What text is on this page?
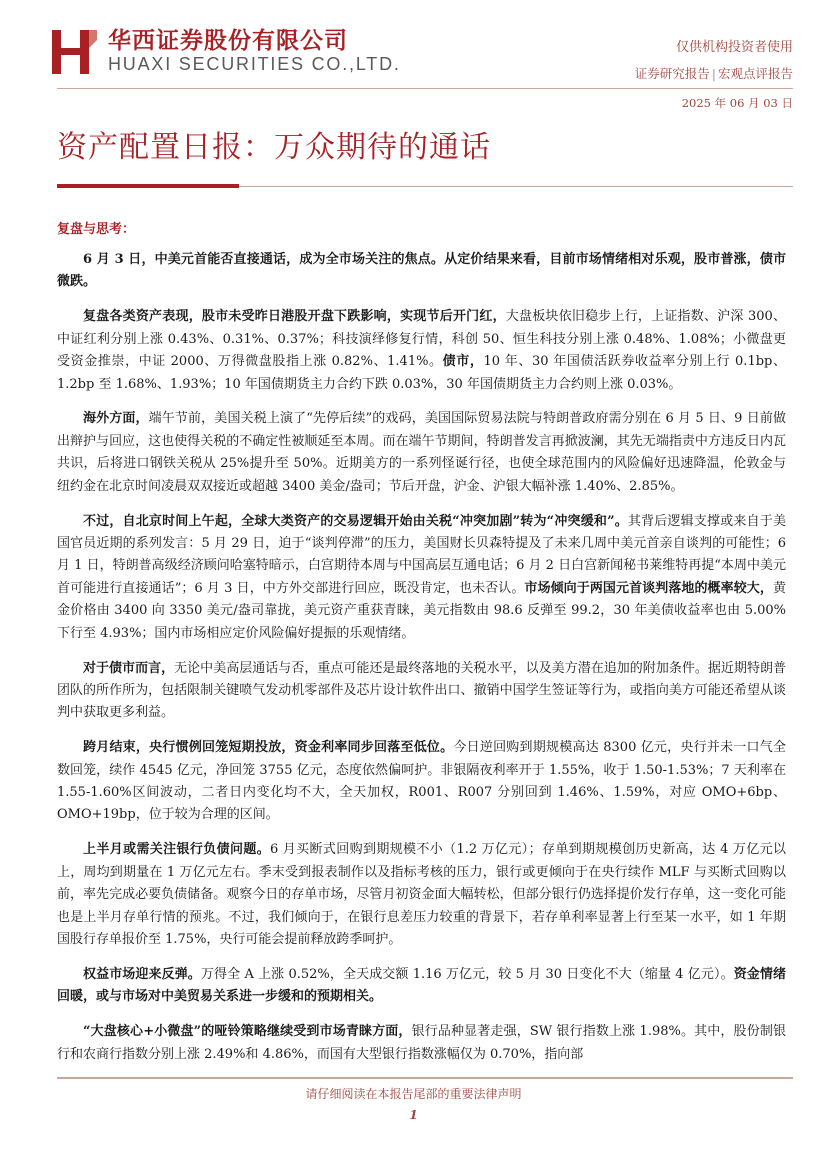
华西证券股份有限公司
HUAXI SECURITIES CO.,LTD.
仅供机构投资者使用
证券研究报告 | 宏观点评报告
2025 年 06 月 03 日
资产配置日报：万众期待的通话
复盘与思考：

6 月 3 日，中美元首能否直接通话，成为全市场关注的焦点。从定价结果来看，目前市场情绪相对乐观，股市普涨，债市微跌。

复盘各类资产表现，股市未受昨日港股开盘下跌影响，实现节后开门红，大盘板块依旧稳步上行，上证指数、沪深 300、中证红利分别上涨 0.43%、0.31%、0.37%；科技演绎修复行情，科创 50、恒生科技分别上涨 0.48%、1.08%；小微盘更受资金推崇，中证 2000、万得微盘股指上涨 0.82%、1.41%。债市，10 年、30 年国债活跃券收益率分别上行 0.1bp、1.2bp 至 1.68%、1.93%；10 年国债期货主力合约下跌 0.03%，30 年国债期货主力合约则上涨 0.03%。

海外方面，端午节前，美国关税上演了“先停后续”的戏码，美国国际贸易法院与特朗普政府需分别在 6 月 5 日、9 日前做出辩护与回应，这也使得关税的不确定性被顺延至本周。而在端午节期间，特朗普发言再掀波澜，其先无端指责中方违反日内瓦共识，后将进口钢铁关税从 25%提升至 50%。近期美方的一系列怪诞行径，也使全球范围内的风险偏好迅速降温，伦敦金与纽约金在北京时间凌晨双双接近或超越 3400 美金/盎司；节后开盘，沪金、沪银大幅补涨 1.40%、2.85%。

不过，自北京时间上午起，全球大类资产的交易逻辑开始由关税“冲突加剧”转为“冲突缓和”。其背后逻辑支撑或来自于美国官员近期的系列发言：5 月 29 日，迫于“谈判停滞”的压力，美国财长贝森特提及了未来几周中美元首亲自谈判的可能性；6 月 1 日，特朗普高级经济顾问哈塞特暗示，白宫期待本周与中国高层互通电话；6 月 2 日白宫新闻秘书莱维特再提“本周中美元首可能进行直接通话”；6 月 3 日，中方外交部进行回应，既没肯定，也未否认。市场倾向于两国元首谈判落地的概率较大，黄金价格由 3400 向 3350 美元/盎司靠拢，美元资产重获青睐，美元指数由 98.6 反弹至 99.2，30 年美债收益率也由 5.00%下行至 4.93%；国内市场相应定价风险偏好提振的乐观情绪。

对于债市而言，无论中美高层通话与否，重点可能还是最终落地的关税水平，以及美方潜在追加的附加条件。据近期特朗普团队的所作所为，包括限制关键喷气发动机零部件及芯片设计软件出口、撤销中国学生签证等行为，或指向美方可能还希望从谈判中获取更多利益。

跨月结束，央行惯例回笼短期投放，资金利率同步回落至低位。今日逆回购到期规模高达 8300 亿元，央行并未一口气全数回笼，续作 4545 亿元，净回笼 3755 亿元，态度依然偏呵护。非银隔夜利率开于 1.55%，收于 1.50-1.53%；7 天利率在 1.55-1.60%区间波动，二者日内变化均不大，全天加权，R001、R007 分别回到 1.46%、1.59%，对应 OMO+6bp、OMO+19bp，位于较为合理的区间。

上半月或需关注银行负债问题。6 月买断式回购到期规模不小（1.2 万亿元）；存单到期规模创历史新高，达 4 万亿元以上，周均到期量在 1 万亿元左右。季末受到报表制作以及指标考核的压力，银行或更倾向于在央行续作 MLF 与买断式回购以前，率先完成必要负债储备。观察今日的存单市场，尽管月初资金面大幅转松，但部分银行仍选择提价发行存单，这一变化可能也是上半月存单行情的预兆。不过，我们倾向于，在银行息差压力较重的背景下，若存单利率显著上行至某一水平，如 1 年期国股行存单报价至 1.75%，央行可能会提前释放跨季呵护。

权益市场迎来反弹。万得全 A 上涨 0.52%，全天成交额 1.16 万亿元，较 5 月 30 日变化不大（缩量 4 亿元）。资金情绪回暖，或与市场对中美贸易关系进一步缓和的预期相关。

“大盘核心+小微盘”的哑铃策略继续受到市场青睐方面，银行品种显著走强，SW 银行指数上涨 1.98%。其中，股份制银行和农商行指数分别上涨 2.49%和 4.86%，而国有大型银行指数涨幅仅为 0.70%，指向部

请仔细阅读在本报告尾部的重要法律声明
1
